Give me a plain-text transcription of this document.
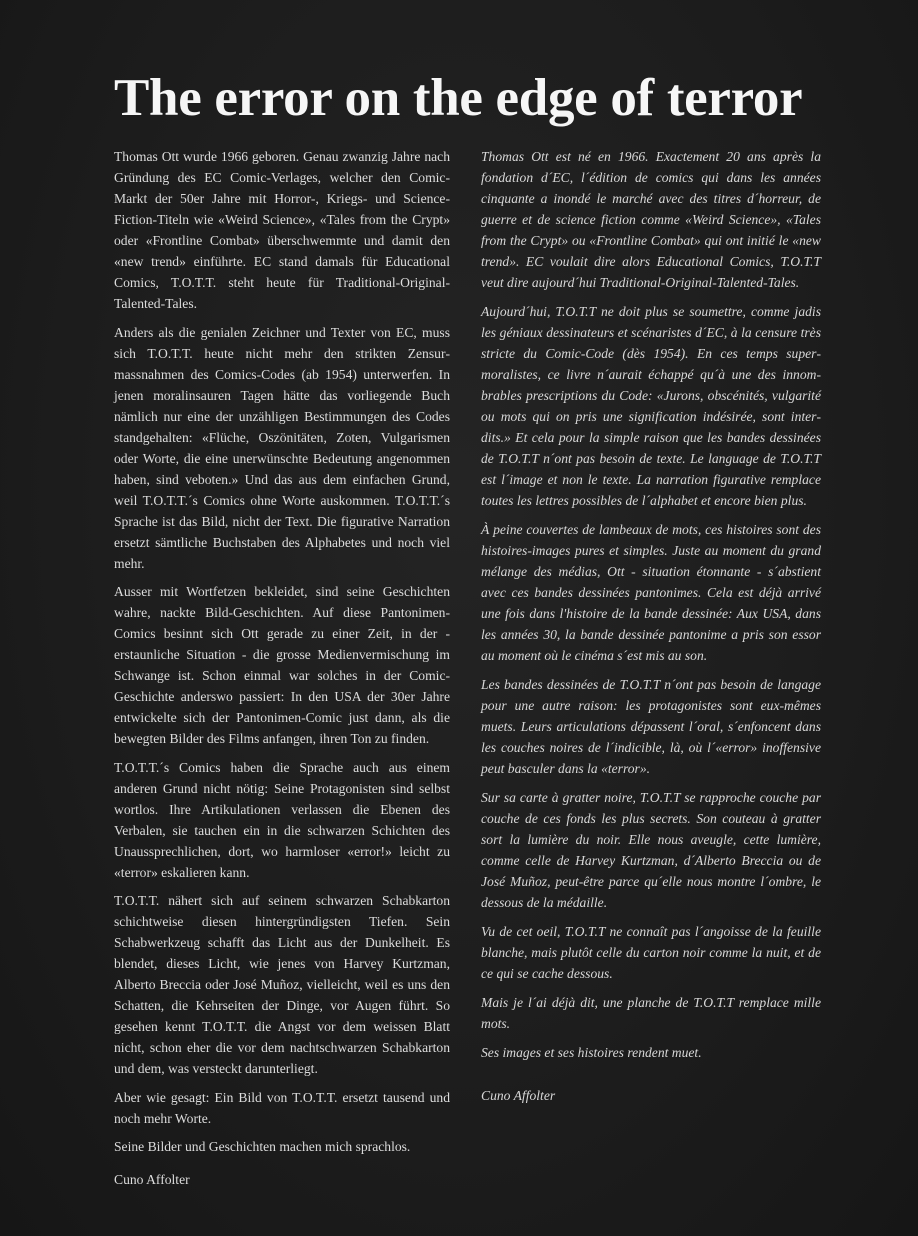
The error on the edge of terror

Thomas Ott wurde 1966 geboren. Genau zwanzig Jahre nach Gründung des EC Comic-Verlages, welcher den Comic-Markt der 50er Jahre mit Horror-, Kriegs- und Science-Fiction-Titeln wie «Weird Science», «Tales from the Crypt» oder «Frontline Combat» überschwemmte und damit den «new trend» einführte. EC stand damals für Educational Comics, T.O.T.T. steht heute für Traditional-Original-Talented-Tales.

Anders als die genialen Zeichner und Texter von EC, muss sich T.O.T.T. heute nicht mehr den strikten Zensurmassnahmen des Comics-Codes (ab 1954) unterwerfen. In jenen moralinsauren Tagen hätte das vorliegende Buch nämlich nur eine der unzähligen Bestimmungen des Codes standgehalten: «Flüche, Oszönitäten, Zoten, Vulgarismen oder Worte, die eine unerwünschte Bedeutung angenommen haben, sind veboten.» Und das aus dem einfachen Grund, weil T.O.T.T.´s Comics ohne Worte auskommen. T.O.T.T.´s Sprache ist das Bild, nicht der Text. Die figurative Narration ersetzt sämtliche Buchstaben des Alphabetes und noch viel mehr.

Ausser mit Wortfetzen bekleidet, sind seine Geschichten wahre, nackte Bild-Geschichten. Auf diese Pantonimen-Comics besinnt sich Ott gerade zu einer Zeit, in der - erstaunliche Situation - die grosse Medienvermischung im Schwange ist. Schon einmal war solches in der Comic-Geschichte anderswo passiert: In den USA der 30er Jahre entwickelte sich der Pantonimen-Comic just dann, als die bewegten Bilder des Films anfangen, ihren Ton zu finden.

T.O.T.T.´s Comics haben die Sprache auch aus einem anderen Grund nicht nötig: Seine Protagonisten sind selbst wortlos. Ihre Artikulationen verlassen die Ebenen des Verbalen, sie tauchen ein in die schwarzen Schichten des Unaussprechlichen, dort, wo harmloser «error!» leicht zu «terror» eskalieren kann.

T.O.T.T. nähert sich auf seinem schwarzen Schabkarton schichtweise diesen hintergründigsten Tiefen. Sein Schabwerkzeug schafft das Licht aus der Dunkelheit. Es blendet, dieses Licht, wie jenes von Harvey Kurtzman, Alberto Breccia oder José Muñoz, vielleicht, weil es uns den Schatten, die Kehrseiten der Dinge, vor Augen führt. So gesehen kennt T.O.T.T. die Angst vor dem weissen Blatt nicht, schon eher die vor dem nachtschwarzen Schabkarton und dem, was versteckt darunterliegt.

Aber wie gesagt: Ein Bild von T.O.T.T. ersetzt tausend und noch mehr Worte.

Seine Bilder und Geschichten machen mich sprachlos.

Cuno Affolter

Thomas Ott est né en 1966. Exactement 20 ans après la fondation d´EC, l´édition de comics qui dans les années cinquante a inondé le marché avec des titres d´horreur, de guerre et de science fiction comme «Weird Science», «Tales from the Crypt» ou «Frontline Combat» qui ont initié le «new trend». EC voulait dire alors Educational Comics, T.O.T.T veut dire aujourd´hui Traditional-Original-Talented-Tales.

Aujourd´hui, T.O.T.T ne doit plus se soumettre, comme jadis les géniaux dessinateurs et scénaristes d´EC, à la censure très stricte du Comic-Code (dès 1954). En ces temps supermoralistes, ce livre n´aurait échappé qu´à une des innombrables prescriptions du Code: «Jurons, obscénités, vulgarité ou mots qui on pris une signification indésirée, sont interdits.» Et cela pour la simple raison que les bandes dessinées de T.O.T.T n´ont pas besoin de texte. Le language de T.O.T.T est l´image et non le texte. La narration figurative remplace toutes les lettres possibles de l´alphabet et encore bien plus.

À peine couvertes de lambeaux de mots, ces histoires sont des histoires-images pures et simples. Juste au moment du grand mélange des médias, Ott - situation étonnante - s´abstient avec ces bandes dessinées pantonimes. Cela est déjà arrivé une fois dans l'histoire de la bande dessinée: Aux USA, dans les années 30, la bande dessinée pantonime a pris son essor au moment où le cinéma s´est mis au son.

Les bandes dessinées de T.O.T.T n´ont pas besoin de langage pour une autre raison: les protagonistes sont eux-mêmes muets. Leurs articulations dépassent l´oral, s´enfoncent dans les couches noires de l´indicible, là, où l´«error» inoffensive peut basculer dans la «terror».

Sur sa carte à gratter noire, T.O.T.T se rapproche couche par couche de ces fonds les plus secrets. Son couteau à gratter sort la lumière du noir. Elle nous aveugle, cette lumière, comme celle de Harvey Kurtzman, d´Alberto Breccia ou de José Muñoz, peut-être parce qu´elle nous montre l´ombre, le dessous de la médaille.

Vu de cet oeil, T.O.T.T ne connaît pas l´angoisse de la feuille blanche, mais plutôt celle du carton noir comme la nuit, et de ce qui se cache dessous.

Mais je l´ai déjà dit, une planche de T.O.T.T remplace mille mots.

Ses images et ses histoires rendent muet.

Cuno Affolter
